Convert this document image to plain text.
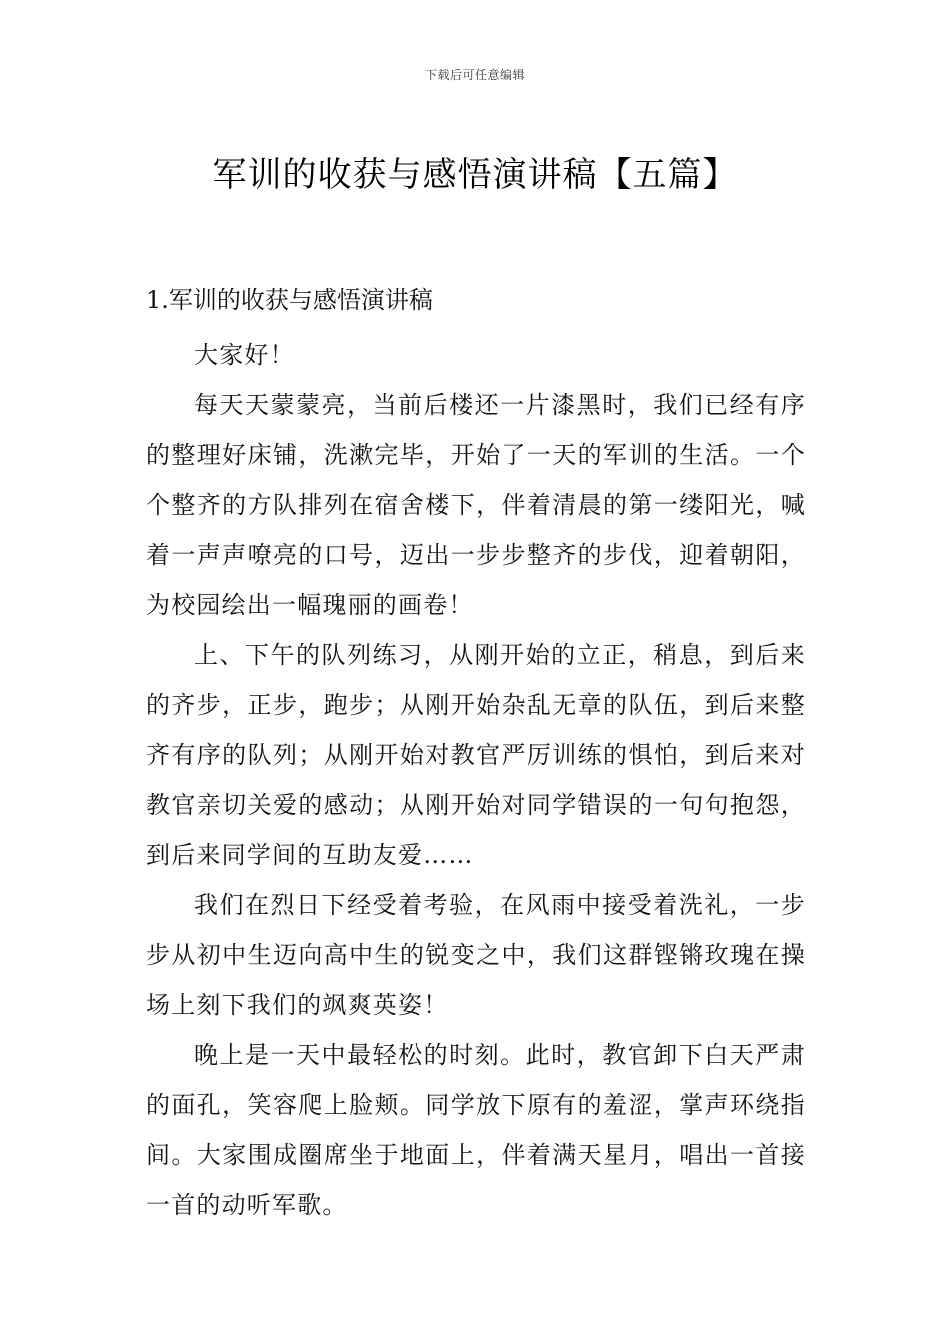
下载后可任意编辑
军训的收获与感悟演讲稿【五篇】
1.军训的收获与感悟演讲稿

大家好！

每天天蒙蒙亮，当前后楼还一片漆黑时，我们已经有序的整理好床铺，洗漱完毕，开始了一天的军训的生活。一个个整齐的方队排列在宿舍楼下，伴着清晨的第一缕阳光，喊着一声声嘹亮的口号，迈出一步步整齐的步伐，迎着朝阳，为校园绘出一幅瑰丽的画卷！

上、下午的队列练习，从刚开始的立正，稍息，到后来的齐步，正步，跑步；从刚开始杂乱无章的队伍，到后来整齐有序的队列；从刚开始对教官严厉训练的惧怕，到后来对教官亲切关爱的感动；从刚开始对同学错误的一句句抱怨，到后来同学间的互助友爱……

我们在烈日下经受着考验，在风雨中接受着洗礼，一步步从初中生迈向高中生的锐变之中，我们这群铿锵玫瑰在操场上刻下我们的飒爽英姿！

晚上是一天中最轻松的时刻。此时，教官卸下白天严肃的面孔，笑容爬上脸颊。同学放下原有的羞涩，掌声环绕指间。大家围成圈席坐于地面上，伴着满天星月，唱出一首接一首的动听军歌。
